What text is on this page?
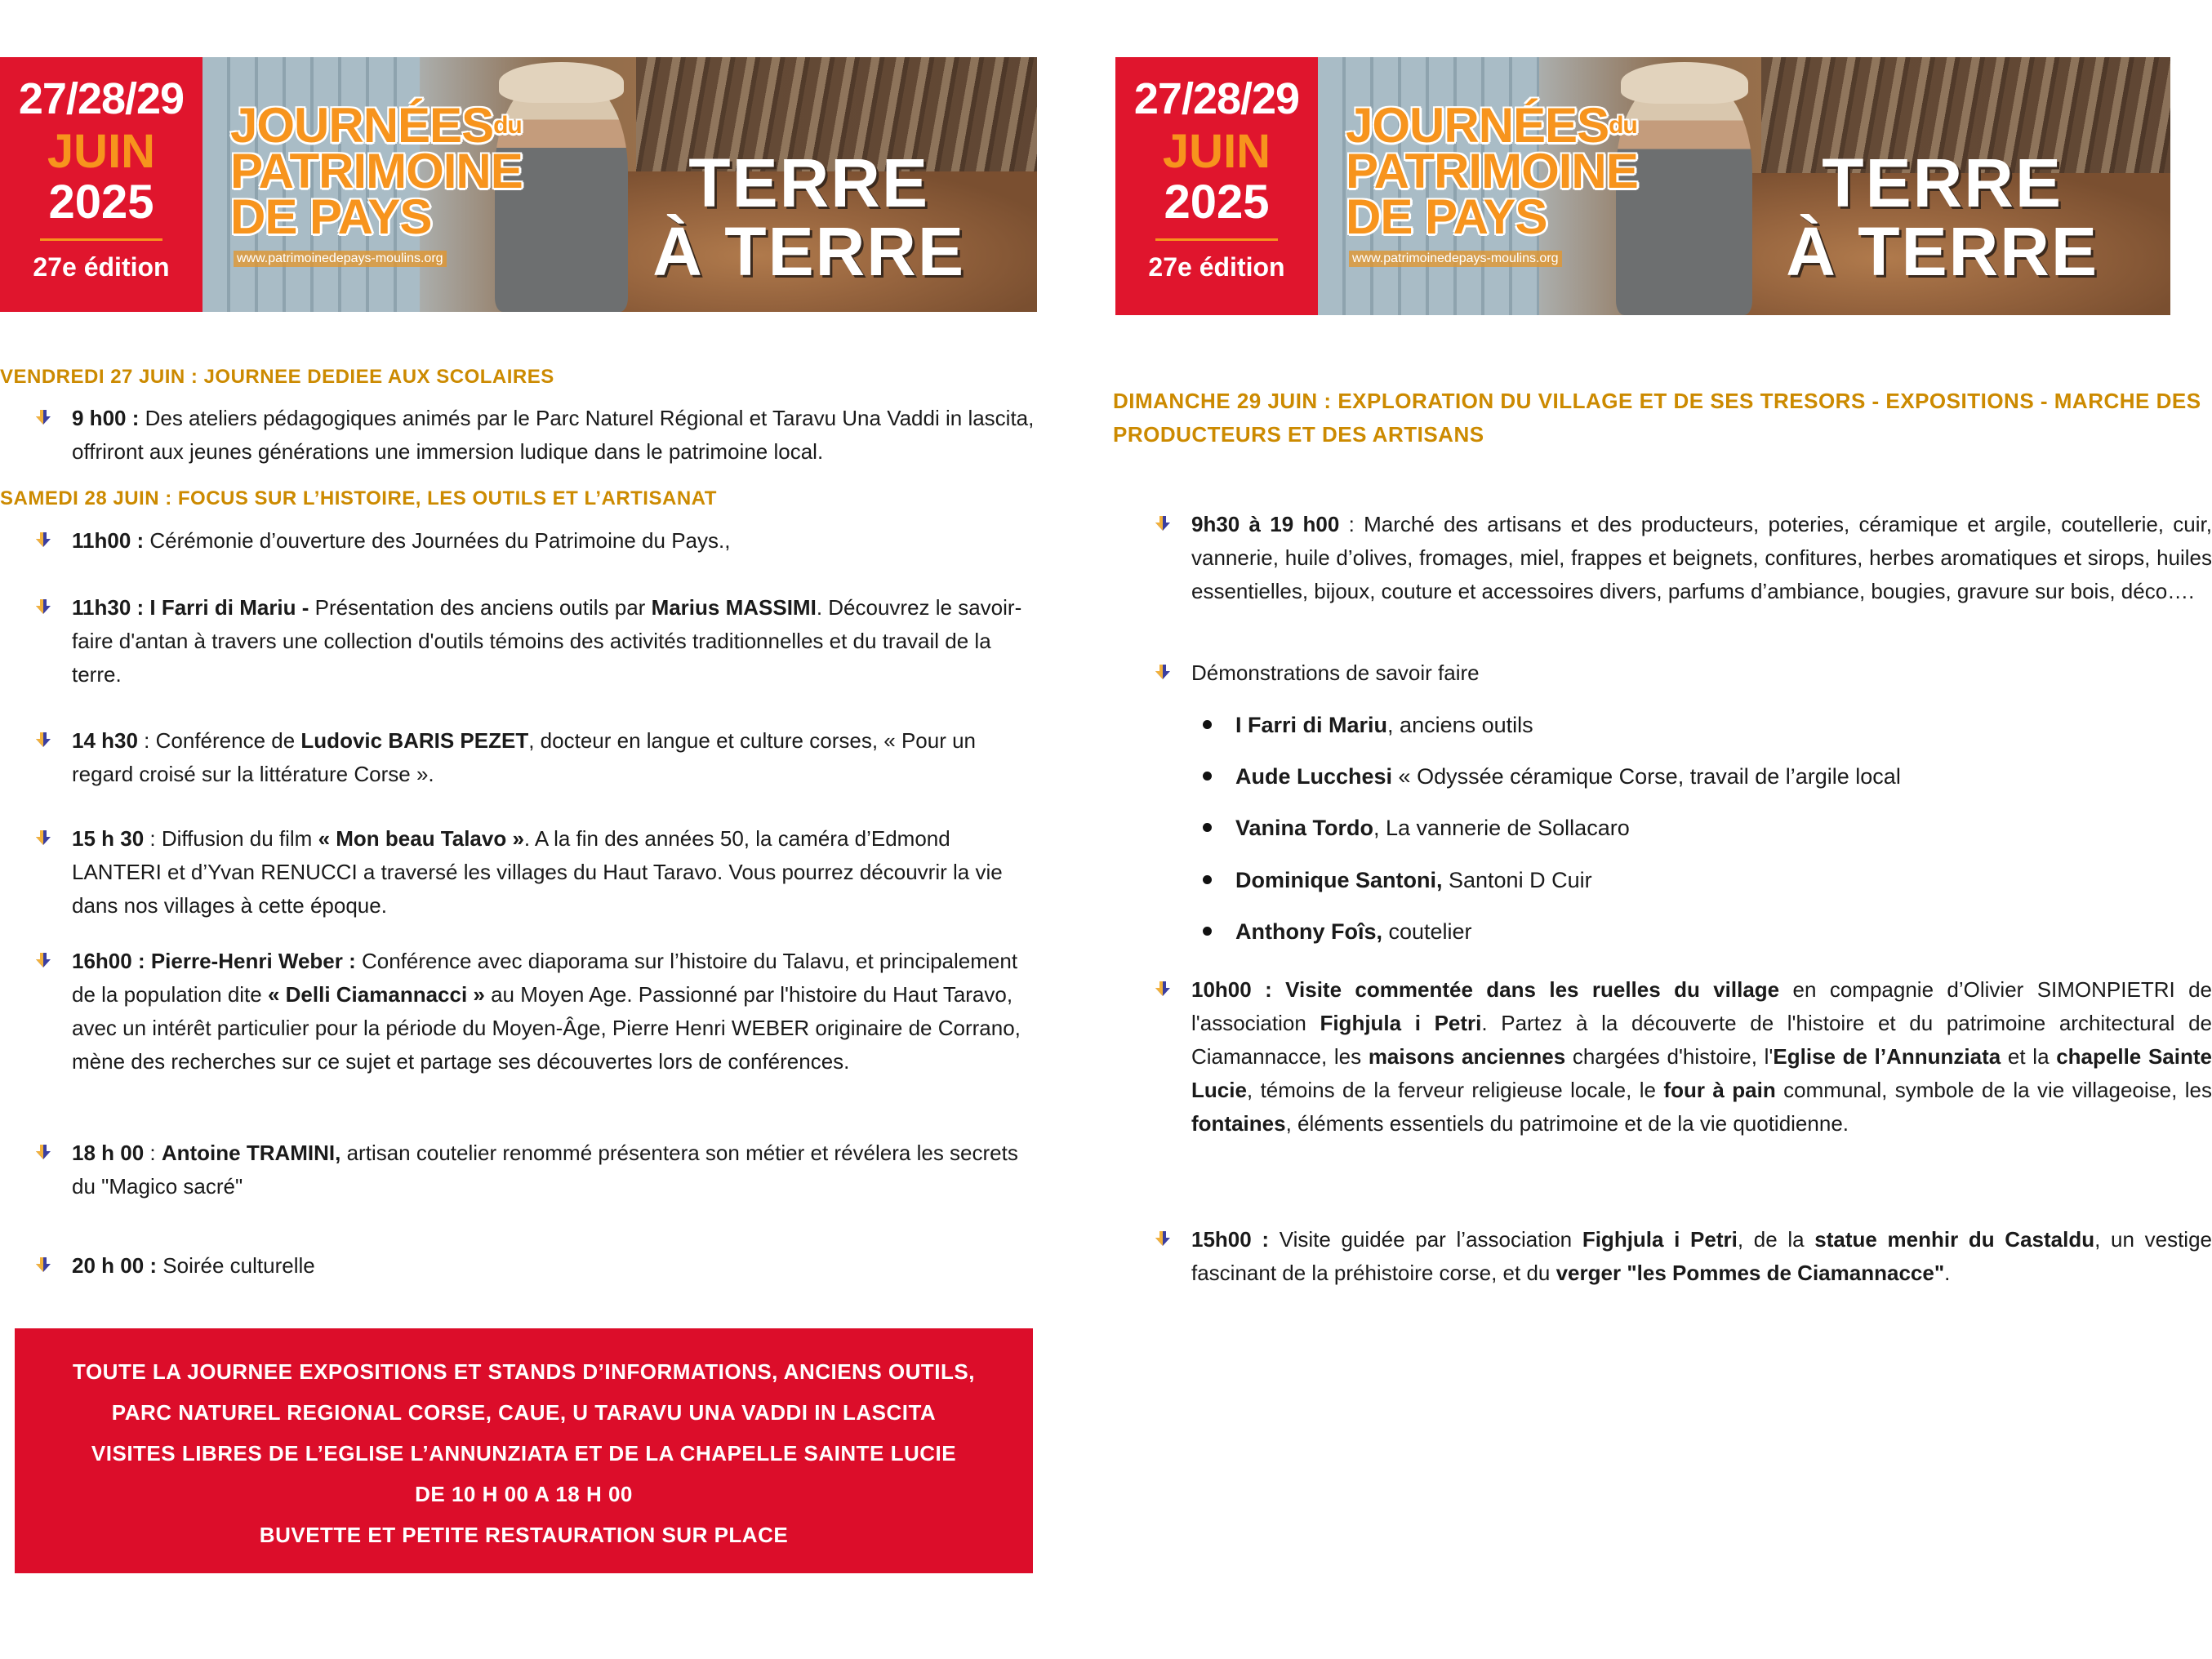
27/28/29
JUIN
2025
27e édition
$JOURNÉES^{du}$
PATRIMOINE
DE PAYS
www.patrimoinedepays-moulins.org
TERRE
À TERRE
VENDREDI 27 JUIN : JOURNEE DEDIEE AUX SCOLAIRES
9 h00 : Des ateliers pédagogiques animés par le Parc Naturel Régional et Taravu Una Vaddi in lascita, offriront aux jeunes générations une immersion ludique dans le patrimoine local.
SAMEDI 28 JUIN : FOCUS SUR L’HISTOIRE, LES OUTILS ET L’ARTISANAT
11h00 : Cérémonie d’ouverture des Journées du Patrimoine du Pays.,
11h30 : I Farri di Mariu - Présentation des anciens outils par Marius MASSIMI. Découvrez le savoir-faire d'antan à travers une collection d'outils témoins des activités traditionnelles et du travail de la terre.
14 h30 : Conférence de Ludovic BARIS PEZET, docteur en langue et culture corses, « Pour un regard croisé sur la littérature Corse ».
15 h 30 : Diffusion du film « Mon beau Talavo ». A la fin des années 50, la caméra d’Edmond LANTERI et d’Yvan RENUCCI a traversé les villages du Haut Taravo. Vous pourrez découvrir la vie dans nos villages à cette époque.
16h00 : Pierre-Henri Weber : Conférence avec diaporama sur l’histoire du Talavu, et principalement de la population dite « Delli Ciamannacci » au Moyen Age. Passionné par l'histoire du Haut Taravo, avec un intérêt particulier pour la période du Moyen-Âge, Pierre Henri WEBER originaire de Corrano, mène des recherches sur ce sujet et partage ses découvertes lors de conférences.
18 h 00 : Antoine TRAMINI, artisan coutelier renommé présentera son métier et révélera les secrets du "Magico sacré"
20 h 00 : Soirée culturelle
TOUTE LA JOURNEE EXPOSITIONS ET STANDS D’INFORMATIONS, ANCIENS OUTILS,
PARC NATUREL REGIONAL CORSE, CAUE, U TARAVU UNA VADDI IN LASCITA
VISITES LIBRES DE L’EGLISE L’ANNUNZIATA ET DE LA CHAPELLE SAINTE LUCIE
DE 10 H 00 A 18 H 00
BUVETTE ET PETITE RESTAURATION SUR PLACE
27/28/29
JUIN
2025
27e édition
$JOURNÉES^{du}$
PATRIMOINE
DE PAYS
www.patrimoinedepays-moulins.org
TERRE
À TERRE
DIMANCHE 29 JUIN : EXPLORATION DU VILLAGE ET DE SES TRESORS - EXPOSITIONS - MARCHE DES
PRODUCTEURS ET DES ARTISANS
9h30 à 19 h00 : Marché des artisans et des producteurs, poteries, céramique et argile, coutellerie, cuir, vannerie, huile d’olives, fromages, miel, frappes et beignets, confitures, herbes aromatiques et sirops, huiles essentielles, bijoux, couture et accessoires divers, parfums d’ambiance, bougies, gravure sur bois, déco….
Démonstrations de savoir faire
I Farri di Mariu, anciens outils
Aude Lucchesi « Odyssée céramique Corse, travail de l’argile local
Vanina Tordo, La vannerie de Sollacaro
Dominique Santoni, Santoni D Cuir
Anthony Foîs, coutelier
10h00 : Visite commentée dans les ruelles du village en compagnie d’Olivier SIMONPIETRI de l'association Fighjula i Petri. Partez à la découverte de l'histoire et du patrimoine architectural de Ciamannacce, les maisons anciennes chargées d'histoire, l'Eglise de l’Annunziata et la chapelle Sainte Lucie, témoins de la ferveur religieuse locale, le four à pain communal, symbole de la vie villageoise, les fontaines, éléments essentiels du patrimoine et de la vie quotidienne.
15h00 : Visite guidée par l’association Fighjula i Petri, de la statue menhir du Castaldu, un vestige fascinant de la préhistoire corse, et du verger "les Pommes de Ciamannacce".
